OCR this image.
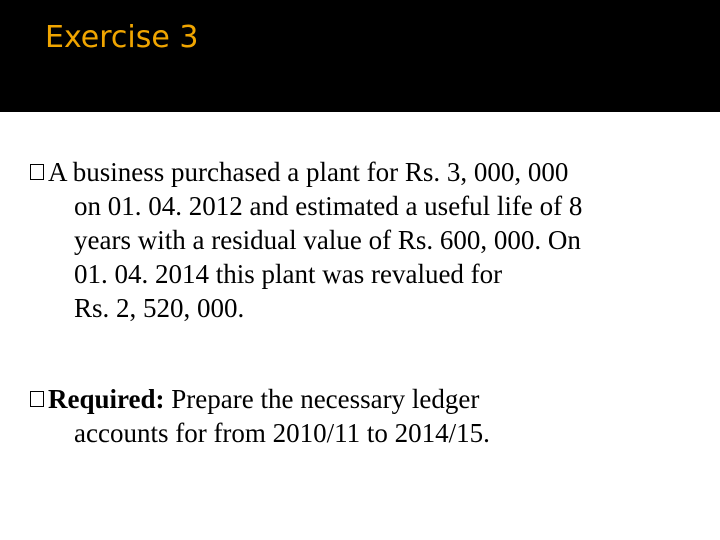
Exercise 3
A business purchased a plant for Rs. 3, 000, 000
on 01. 04. 2012 and estimated a useful life of 8
years with a residual value of Rs. 600, 000. On
01. 04. 2014 this plant was revalued for
Rs. 2, 520, 000.
Required: Prepare the necessary ledger
accounts for from 2010/11 to 2014/15.
